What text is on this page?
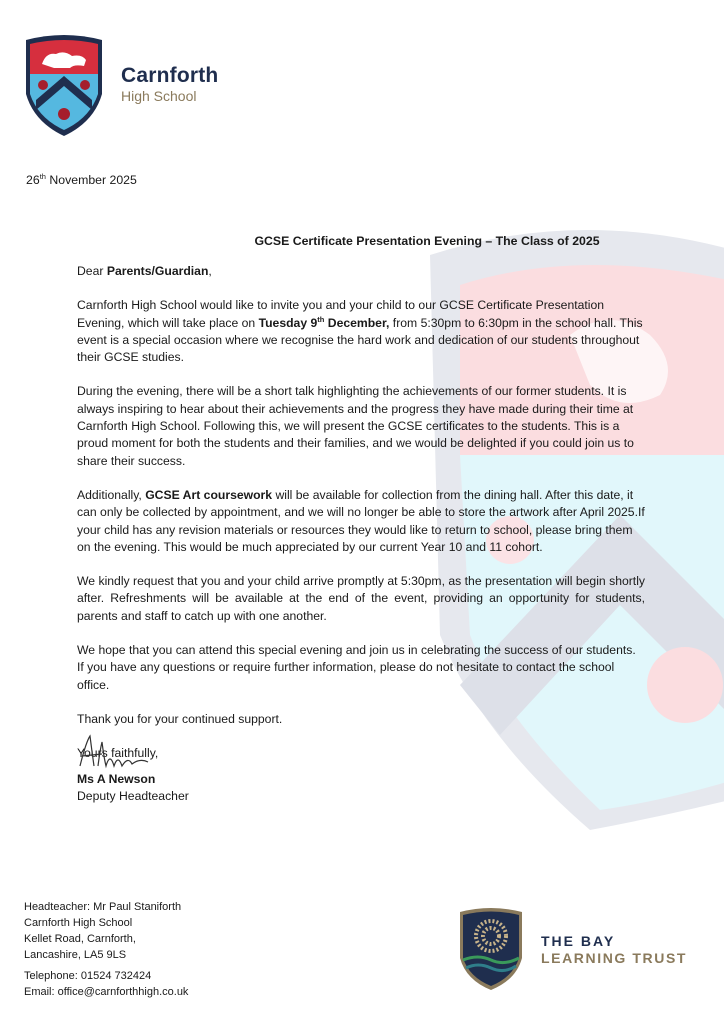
Carnforth
High School
26th November 2025
GCSE Certificate Presentation Evening – The Class of 2025

Dear Parents/Guardian,

Carnforth High School would like to invite you and your child to our GCSE Certificate Presentation Evening, which will take place on Tuesday 9th December, from 5:30pm to 6:30pm in the school hall. This event is a special occasion where we recognise the hard work and dedication of our students throughout their GCSE studies.

During the evening, there will be a short talk highlighting the achievements of our former students. It is always inspiring to hear about their achievements and the progress they have made during their time at Carnforth High School. Following this, we will present the GCSE certificates to the students. This is a proud moment for both the students and their families, and we would be delighted if you could join us to share their success.

Additionally, GCSE Art coursework will be available for collection from the dining hall. After this date, it can only be collected by appointment, and we will no longer be able to store the artwork after April 2025.If your child has any revision materials or resources they would like to return to school, please bring them on the evening. This would be much appreciated by our current Year 10 and 11 cohort.

We kindly request that you and your child arrive promptly at 5:30pm, as the presentation will begin shortly after. Refreshments will be available at the end of the event, providing an opportunity for students, parents and staff to catch up with one another.

We hope that you can attend this special evening and join us in celebrating the success of our students. If you have any questions or require further information, please do not hesitate to contact the school office.

Thank you for your continued support.

Yours faithfully,

Ms A Newson
Deputy Headteacher
Headteacher: Mr Paul Staniforth
Carnforth High School
Kellet Road, Carnforth,
Lancashire, LA5 9LS
Telephone: 01524 732424
Email: office@carnforthhigh.co.uk
THE BAY
LEARNING TRUST
